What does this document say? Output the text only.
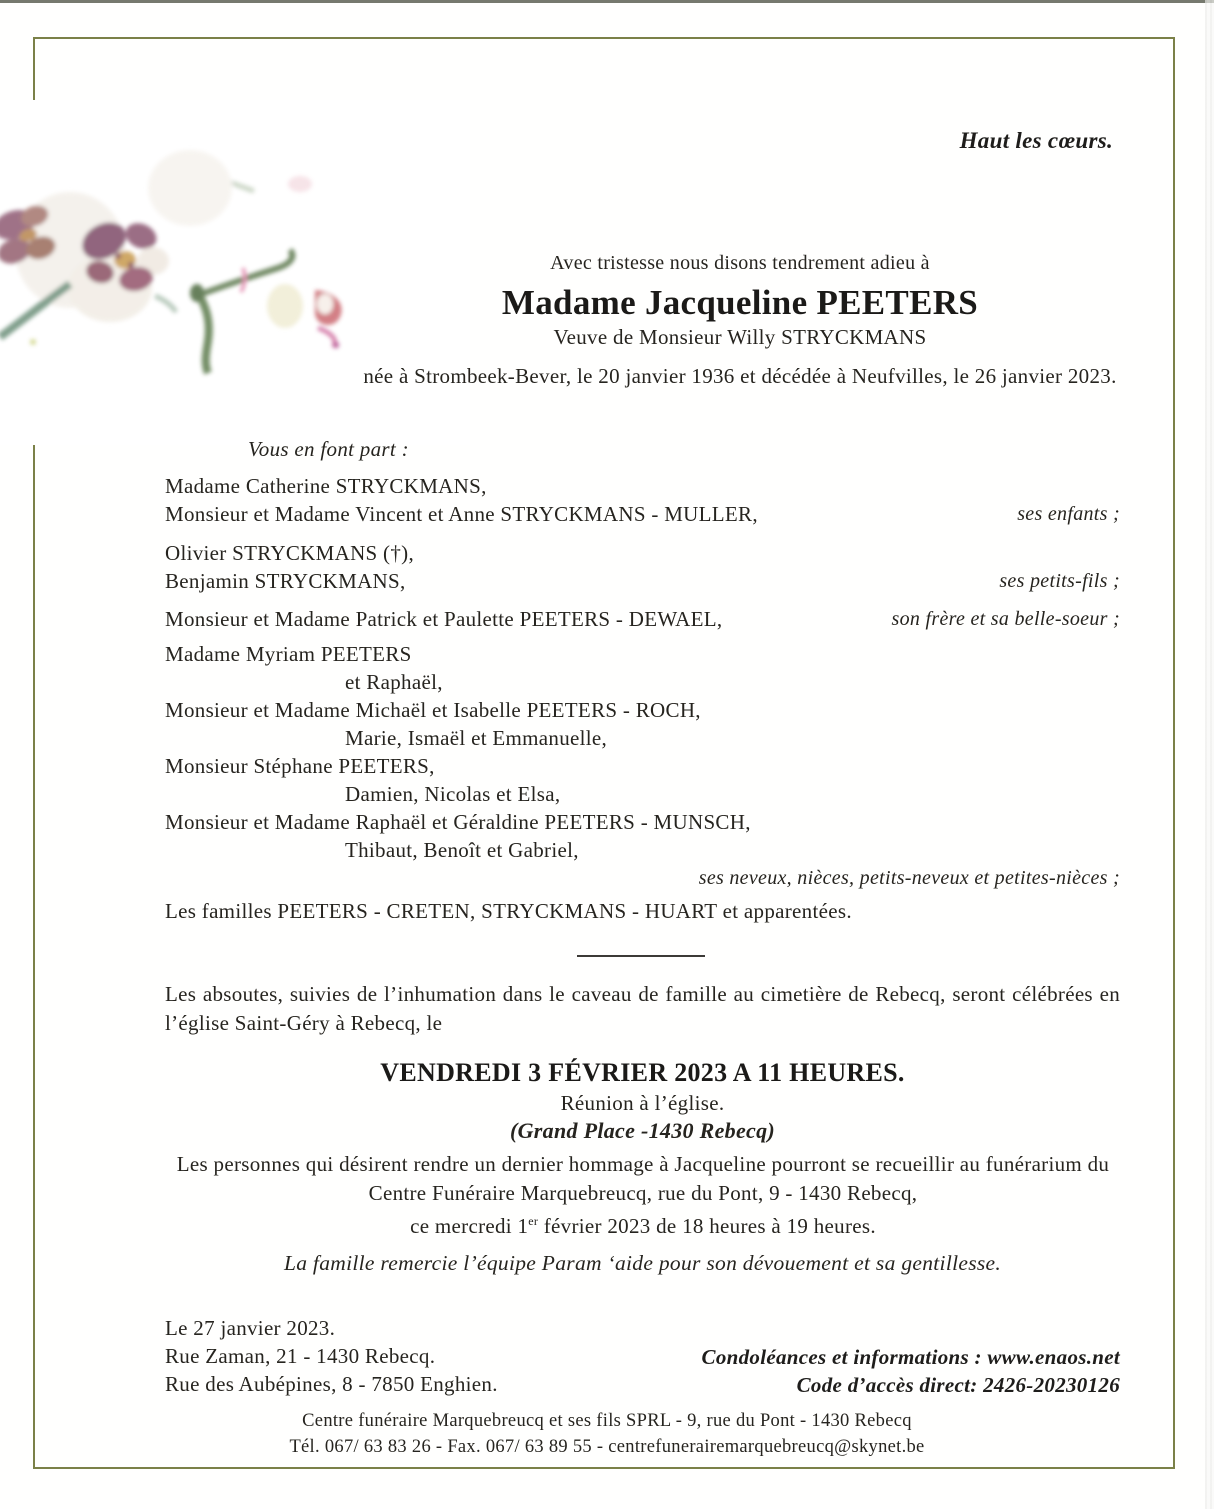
Haut les cœurs.
Avec tristesse nous disons tendrement adieu à
Madame Jacqueline PEETERS
Veuve de Monsieur Willy STRYCKMANS
née à Strombeek-Bever, le 20 janvier 1936 et décédée à Neufvilles, le 26 janvier 2023.
Vous en font part :
Madame Catherine STRYCKMANS,
Monsieur et Madame Vincent et Anne STRYCKMANS - MULLER,	ses enfants ;
Olivier STRYCKMANS (†),
Benjamin STRYCKMANS,	ses petits-fils ;
Monsieur et Madame Patrick et Paulette PEETERS - DEWAEL,	son frère et sa belle-soeur ;
Madame Myriam PEETERS
et Raphaël,
Monsieur et Madame Michaël et Isabelle PEETERS - ROCH,
Marie, Ismaël et Emmanuelle,
Monsieur Stéphane PEETERS,
Damien, Nicolas et Elsa,
Monsieur et Madame Raphaël et Géraldine PEETERS - MUNSCH,
Thibaut, Benoît et Gabriel,
ses neveux, nièces, petits-neveux et petites-nièces ;
Les familles PEETERS - CRETEN, STRYCKMANS - HUART et apparentées.

Les absoutes, suivies de l’inhumation dans le caveau de famille au cimetière de Rebecq, seront célébrées en l’église Saint-Géry à Rebecq, le

VENDREDI 3 FÉVRIER 2023 A 11 HEURES.
Réunion à l’église.
(Grand Place -1430 Rebecq)
Les personnes qui désirent rendre un dernier hommage à Jacqueline pourront se recueillir au funérarium du
Centre Funéraire Marquebreucq, rue du Pont, 9 - 1430 Rebecq,
ce mercredi 1er février 2023 de 18 heures à 19 heures.
La famille remercie l’équipe Param ‘aide pour son dévouement et sa gentillesse.
Le 27 janvier 2023.
Rue Zaman, 21 - 1430 Rebecq.
Rue des Aubépines, 8 - 7850 Enghien.
Condoléances et informations : www.enaos.net
Code d’accès direct: 2426-20230126
Centre funéraire Marquebreucq et ses fils SPRL - 9, rue du Pont - 1430 Rebecq
Tél. 067/ 63 83 26 - Fax. 067/ 63 89 55 - centrefunerairemarquebreucq@skynet.be
